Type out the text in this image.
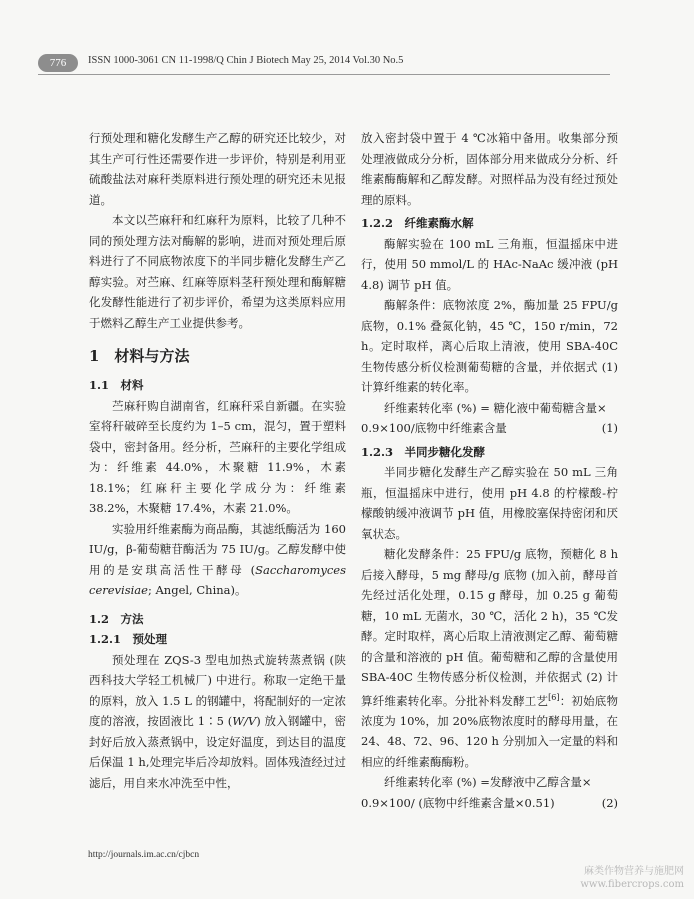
776	ISSN 1000-3061 CN 11-1998/Q Chin J Biotech May 25, 2014 Vol.30 No.5

行预处理和糖化发酵生产乙醇的研究还比较少，对其生产可行性还需要作进一步评价，特别是利用亚硫酸盐法对麻秆类原料进行预处理的研究还未见报道。

本文以苎麻秆和红麻秆为原料，比较了几种不同的预处理方法对酶解的影响，进而对预处理后原料进行了不同底物浓度下的半同步糖化发酵生产乙醇实验。对苎麻、红麻等原料茎秆预处理和酶解糖化发酵性能进行了初步评价，希望为这类原料应用于燃料乙醇生产工业提供参考。

1　材料与方法
1.1　材料

苎麻秆购自湖南省，红麻秆采自新疆。在实验室将秆破碎至长度约为 1–5 cm，混匀，置于塑料袋中，密封备用。经分析，苎麻秆的主要化学组成为：纤维素 44.0%，木聚糖 11.9%，木素 18.1%；红麻秆主要化学成分为：纤维素 38.2%，木聚糖 17.4%，木素 21.0%。

实验用纤维素酶为商品酶，其滤纸酶活为 160 IU/g，β-葡萄糖苷酶活为 75 IU/g。乙醇发酵中使用的是安琪高活性干酵母 (Saccharomyces cerevisiae; Angel, China)。

1.2　方法
1.2.1　预处理

预处理在 ZQS-3 型电加热式旋转蒸煮锅 (陕西科技大学轻工机械厂) 中进行。称取一定绝干量的原料，放入 1.5 L 的钢罐中，将配制好的一定浓度的溶液，按固液比 1∶5 (W/V) 放入钢罐中，密封好后放入蒸煮锅中，设定好温度，到达目的温度后保温 1 h,处理完毕后冷却放料。固体残渣经过过滤后，用自来水冲洗至中性，

放入密封袋中置于 4 ℃冰箱中备用。收集部分预处理液做成分分析，固体部分用来做成分分析、纤维素酶酶解和乙醇发酵。对照样品为没有经过预处理的原料。

1.2.2　纤维素酶水解

酶解实验在 100 mL 三角瓶，恒温摇床中进行，使用 50 mmol/L 的 HAc-NaAc 缓冲液 (pH 4.8) 调节 pH 值。

酶解条件：底物浓度 2%，酶加量 25 FPU/g 底物，0.1% 叠氮化钠，45 ℃，150 r/min，72 h。定时取样，离心后取上清液，使用 SBA-40C 生物传感分析仪检测葡萄糖的含量，并依据式 (1) 计算纤维素的转化率。

纤维素转化率 (%) = 糖化液中葡萄糖含量×
0.9×100/底物中纤维素含量	(1)
1.2.3　半同步糖化发酵

半同步糖化发酵生产乙醇实验在 50 mL 三角瓶，恒温摇床中进行，使用 pH 4.8 的柠檬酸-柠檬酸钠缓冲液调节 pH 值，用橡胶塞保持密闭和厌氧状态。

糖化发酵条件：25 FPU/g 底物，预糖化 8 h 后接入酵母，5 mg 酵母/g 底物 (加入前，酵母首先经过活化处理，0.15 g 酵母，加 0.25 g 葡萄糖，10 mL 无菌水，30 ℃，活化 2 h)，35 ℃发酵。定时取样，离心后取上清液测定乙醇、葡萄糖的含量和溶液的 pH 值。葡萄糖和乙醇的含量使用 SBA-40C 生物传感分析仪检测，并依据式 (2) 计算纤维素转化率。分批补料发酵工艺[6]：初始底物浓度为 10%，加 20%底物浓度时的酵母用量，在 24、48、72、96、120 h 分别加入一定量的料和相应的纤维素酶酶粉。

纤维素转化率 (%) =发酵液中乙醇含量×
0.9×100/ (底物中纤维素含量×0.51)	(2)
http://journals.im.ac.cn/cjbcn
麻类作物营养与施肥网
www.fibercrops.com
